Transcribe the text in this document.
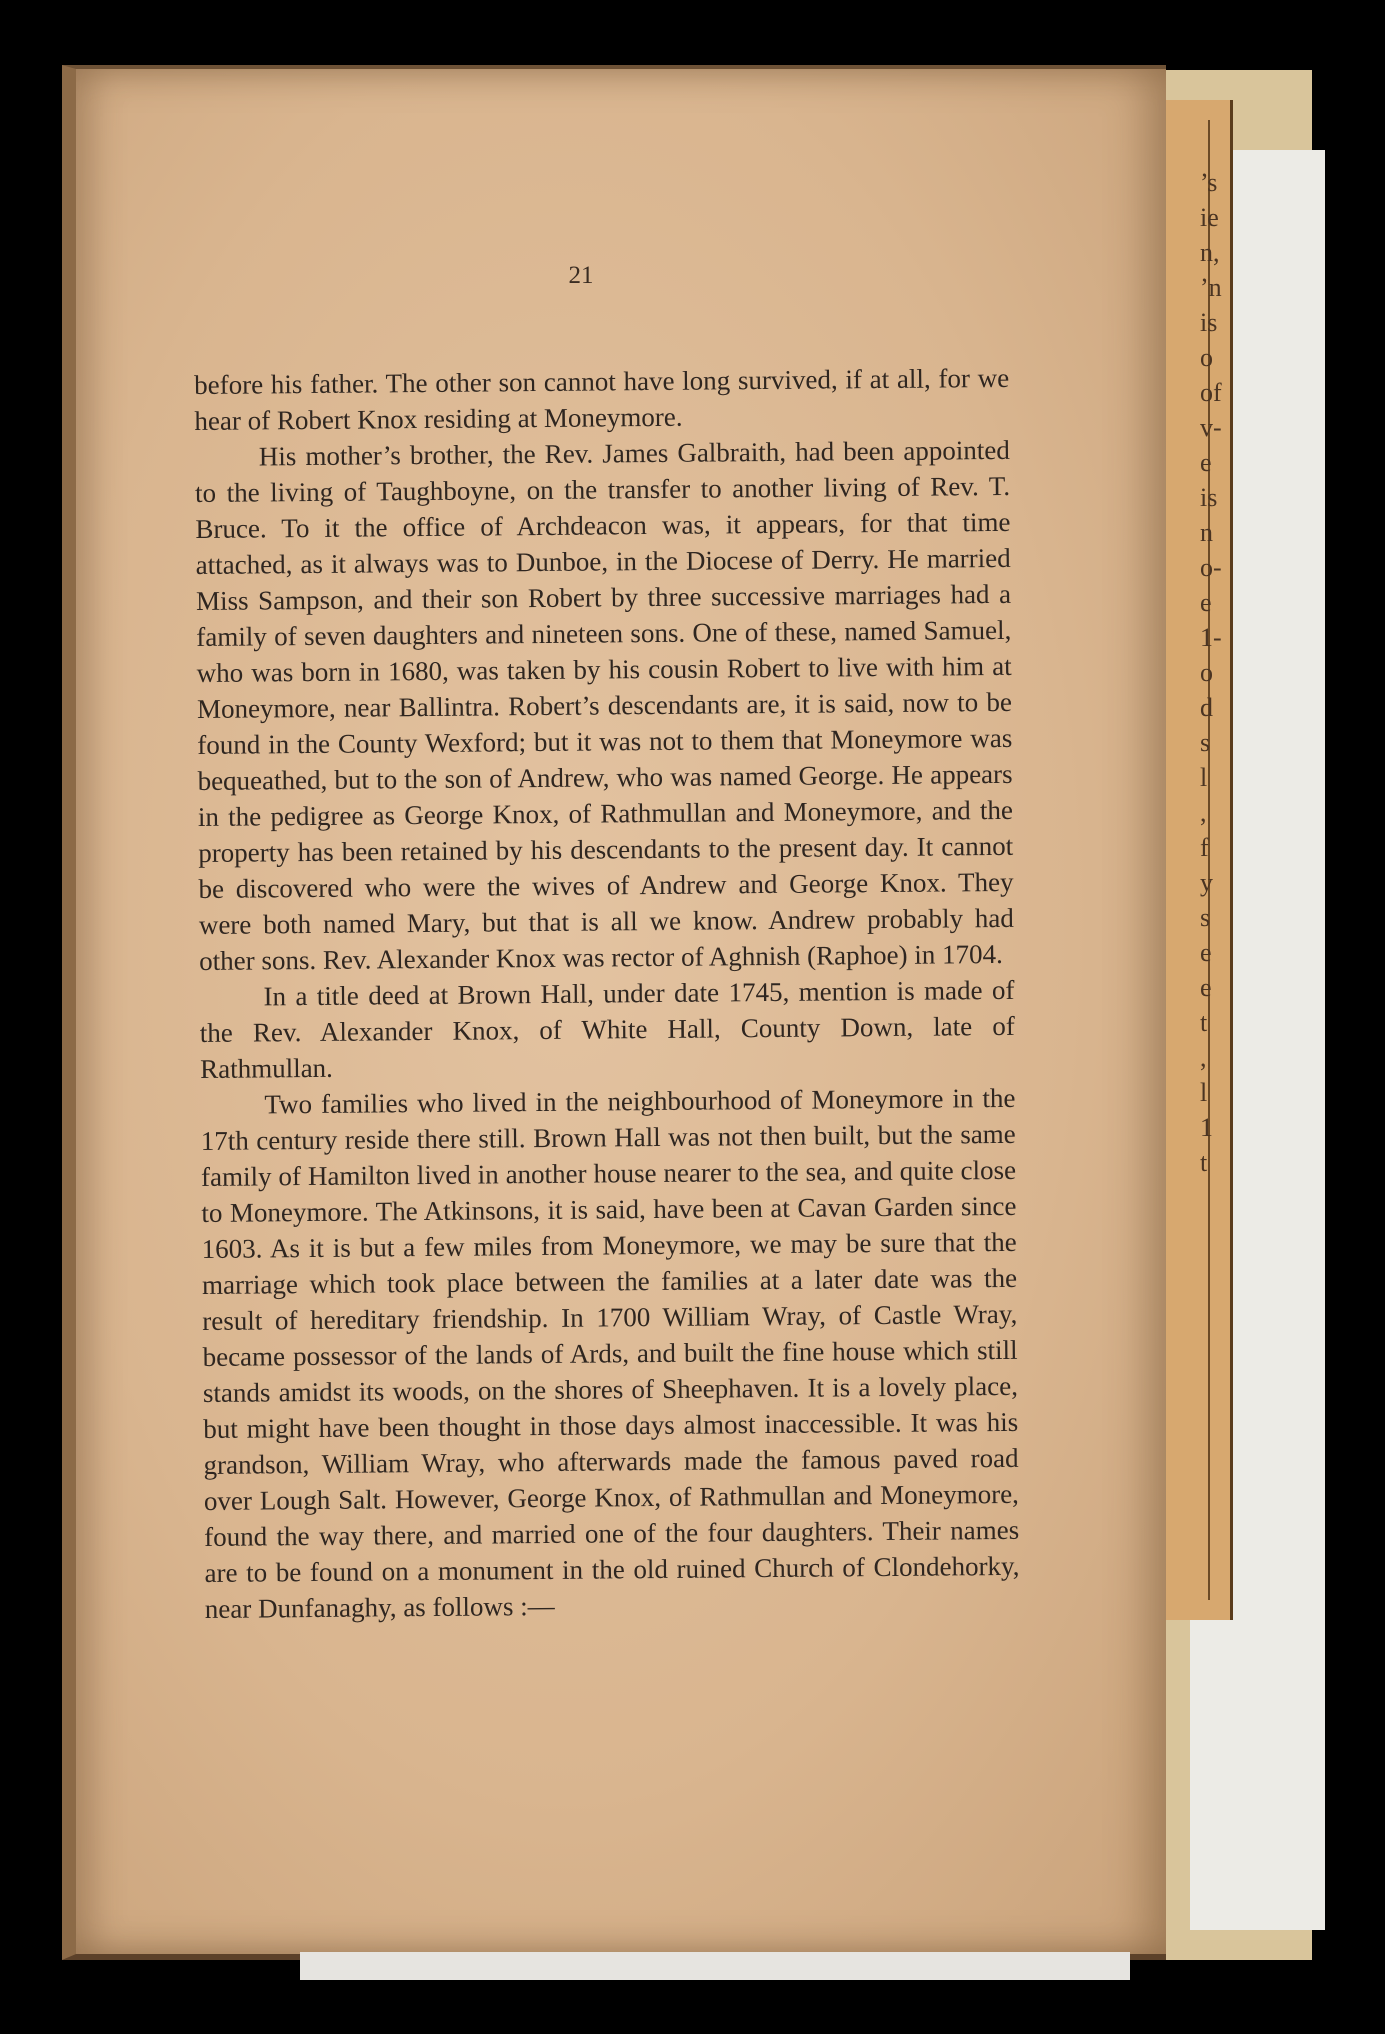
’s
ie
n,
’n
is
o
of
v-
e
is
n
o-
e
1-
o
d
s
l
,
f
y
s
e
e
t
,
l
1
t
21

before his father. The other son cannot have long survived, if at all, for we hear of Robert Knox residing at Moneymore.

His mother’s brother, the Rev. James Galbraith, had been appointed to the living of Taughboyne, on the transfer to another living of Rev. T. Bruce. To it the office of Archdeacon was, it appears, for that time attached, as it always was to Dunboe, in the Diocese of Derry. He married Miss Sampson, and their son Robert by three successive marriages had a family of seven daughters and nineteen sons. One of these, named Samuel, who was born in 1680, was taken by his cousin Robert to live with him at Moneymore, near Ballintra. Robert’s descendants are, it is said, now to be found in the County Wexford; but it was not to them that Moneymore was bequeathed, but to the son of Andrew, who was named George. He appears in the pedigree as George Knox, of Rathmullan and Moneymore, and the property has been retained by his descendants to the present day. It cannot be discovered who were the wives of Andrew and George Knox. They were both named Mary, but that is all we know. Andrew probably had other sons. Rev. Alexander Knox was rector of Aghnish (Raphoe) in 1704.

In a title deed at Brown Hall, under date 1745, mention is made of the Rev. Alexander Knox, of White Hall, County Down, late of Rathmullan.

Two families who lived in the neighbourhood of Moneymore in the 17th century reside there still. Brown Hall was not then built, but the same family of Hamilton lived in another house nearer to the sea, and quite close to Moneymore. The Atkinsons, it is said, have been at Cavan Garden since 1603. As it is but a few miles from Moneymore, we may be sure that the marriage which took place between the families at a later date was the result of hereditary friendship. In 1700 William Wray, of Castle Wray, became possessor of the lands of Ards, and built the fine house which still stands amidst its woods, on the shores of Sheephaven. It is a lovely place, but might have been thought in those days almost inaccessible. It was his grandson, William Wray, who afterwards made the famous paved road over Lough Salt. However, George Knox, of Rathmullan and Moneymore, found the way there, and married one of the four daughters. Their names are to be found on a monument in the old ruined Church of Clondehorky, near Dunfanaghy, as follows :—
